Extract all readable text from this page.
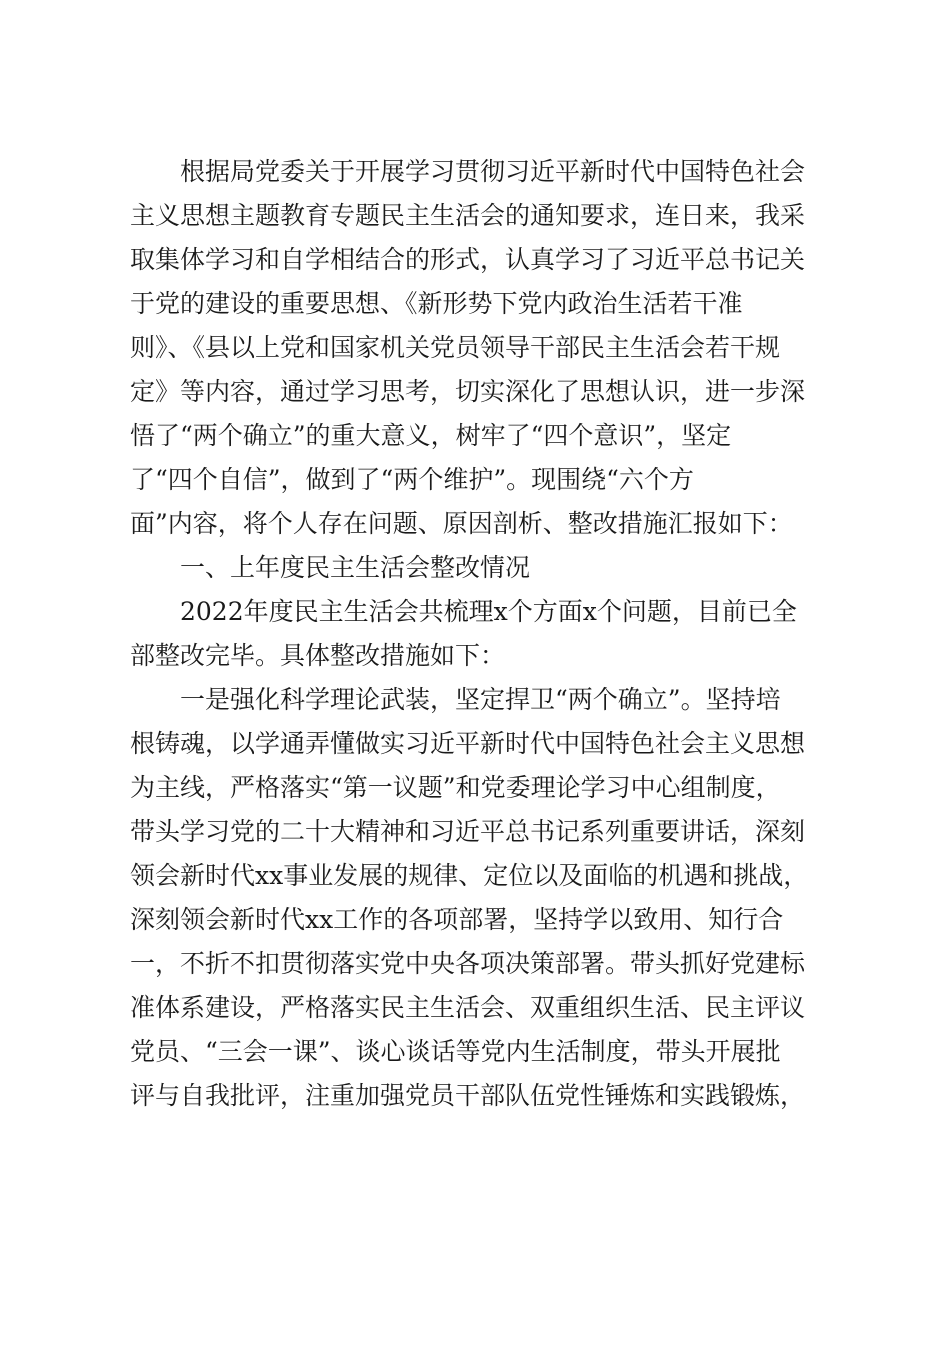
根据局党委关于开展学习贯彻习近平新时代中国特色社会
主义思想主题教育专题民主生活会的通知要求，连日来，我采
取集体学习和自学相结合的形式，认真学习了习近平总书记关
于党的建设的重要思想、《新形势下党内政治生活若干准
则》、《县以上党和国家机关党员领导干部民主生活会若干规
定》等内容，通过学习思考，切实深化了思想认识，进一步深
悟了“两个确立”的重大意义，树牢了“四个意识”，坚定
了“四个自信”，做到了“两个维护”。现围绕“六个方
面”内容，将个人存在问题、原因剖析、整改措施汇报如下：
一、上年度民主生活会整改情况
2022年度民主生活会共梳理x个方面x个问题，目前已全
部整改完毕。具体整改措施如下：
一是强化科学理论武装，坚定捍卫“两个确立”。坚持培
根铸魂，以学通弄懂做实习近平新时代中国特色社会主义思想
为主线，严格落实“第一议题”和党委理论学习中心组制度，
带头学习党的二十大精神和习近平总书记系列重要讲话，深刻
领会新时代xx事业发展的规律、定位以及面临的机遇和挑战，
深刻领会新时代xx工作的各项部署，坚持学以致用、知行合
一，不折不扣贯彻落实党中央各项决策部署。带头抓好党建标
准体系建设，严格落实民主生活会、双重组织生活、民主评议
党员、“三会一课”、谈心谈话等党内生活制度，带头开展批
评与自我批评，注重加强党员干部队伍党性锤炼和实践锻炼，
